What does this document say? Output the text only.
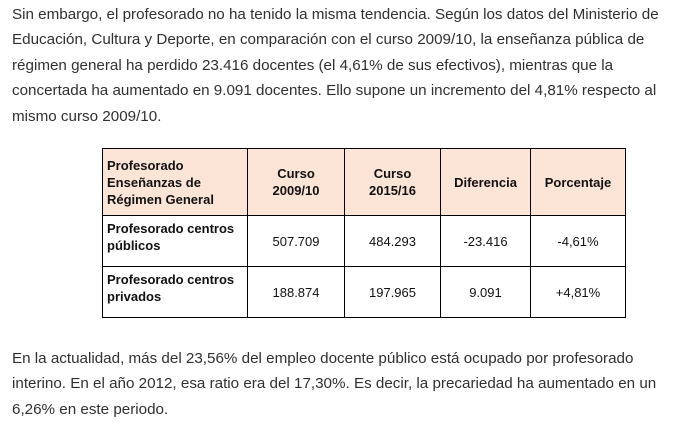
Sin embargo, el profesorado no ha tenido la misma tendencia. Según los datos del Ministerio de Educación, Cultura y Deporte, en comparación con el curso 2009/10, la enseñanza pública de régimen general ha perdido 23.416 docentes (el 4,61% de sus efectivos), mientras que la concertada ha aumentado en 9.091 docentes. Ello supone un incremento del 4,81% respecto al mismo curso 2009/10.

Profesorado Enseñanzas de Régimen General	Curso 2009/10	Curso 2015/16	Diferencia	Porcentaje
Profesorado centros públicos	507.709	484.293	-23.416	-4,61%
Profesorado centros privados	188.874	197.965	9.091	+4,81%

En la actualidad, más del 23,56% del empleo docente público está ocupado por profesorado interino. En el año 2012, esa ratio era del 17,30%. Es decir, la precariedad ha aumentado en un 6,26% en este periodo.
